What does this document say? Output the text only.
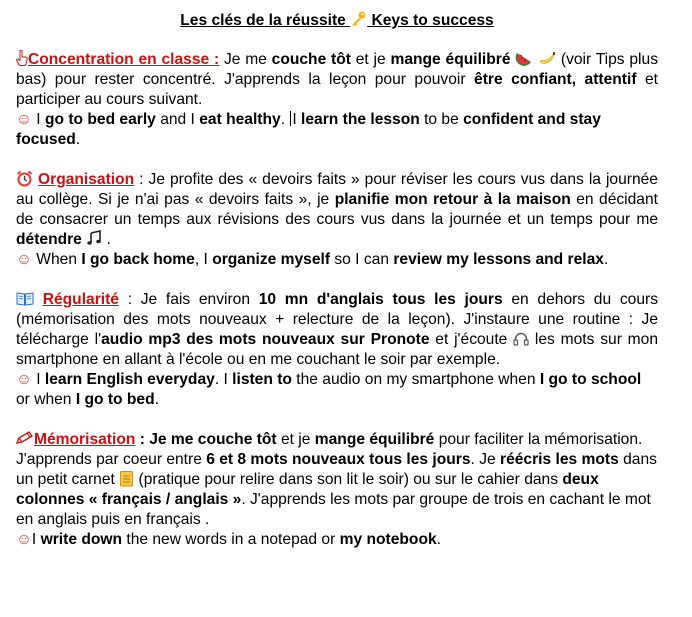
Les clés de la réussite Keys to success

Concentration en classe : Je me couche tôt et je mange équilibré	(voir Tips plus bas) pour rester concentré. J'apprends la leçon pour pouvoir être confiant, attentif et participer au cours suivant.

☺ I go to bed early and I eat healthy. I learn the lesson to be confident and stay focused.

Organisation : Je profite des « devoirs faits » pour réviser les cours vus dans la journée au collège. Si je n'ai pas « devoirs faits », je planifie mon retour à la maison en décidant de consacrer un temps aux révisions des cours vus dans la journée et un temps pour me détendre  .

☺ When I go back home, I organize myself so I can review my lessons and relax.

Régularité : Je fais environ 10 mn d'anglais tous les jours en dehors du cours (mémorisation des mots nouveaux + relecture de la leçon). J'instaure une routine : Je télécharge l'audio mp3 des mots nouveaux sur Pronote et j'écoute  les mots sur mon smartphone en allant à l'école ou en me couchant le soir par exemple.

☺ I learn English everyday. I listen to the audio on my smartphone when I go to school or when I go to bed.

Mémorisation : Je me couche tôt et je mange équilibré pour faciliter la mémorisation.

J'apprends par coeur entre 6 et 8 mots nouveaux tous les jours. Je réécris les mots dans un petit carnet  (pratique pour relire dans son lit le soir) ou sur le cahier dans deux colonnes « français / anglais ». J'apprends les mots par groupe de trois en cachant le mot en anglais puis en français .

☺I write down the new words in a notepad or my notebook.
